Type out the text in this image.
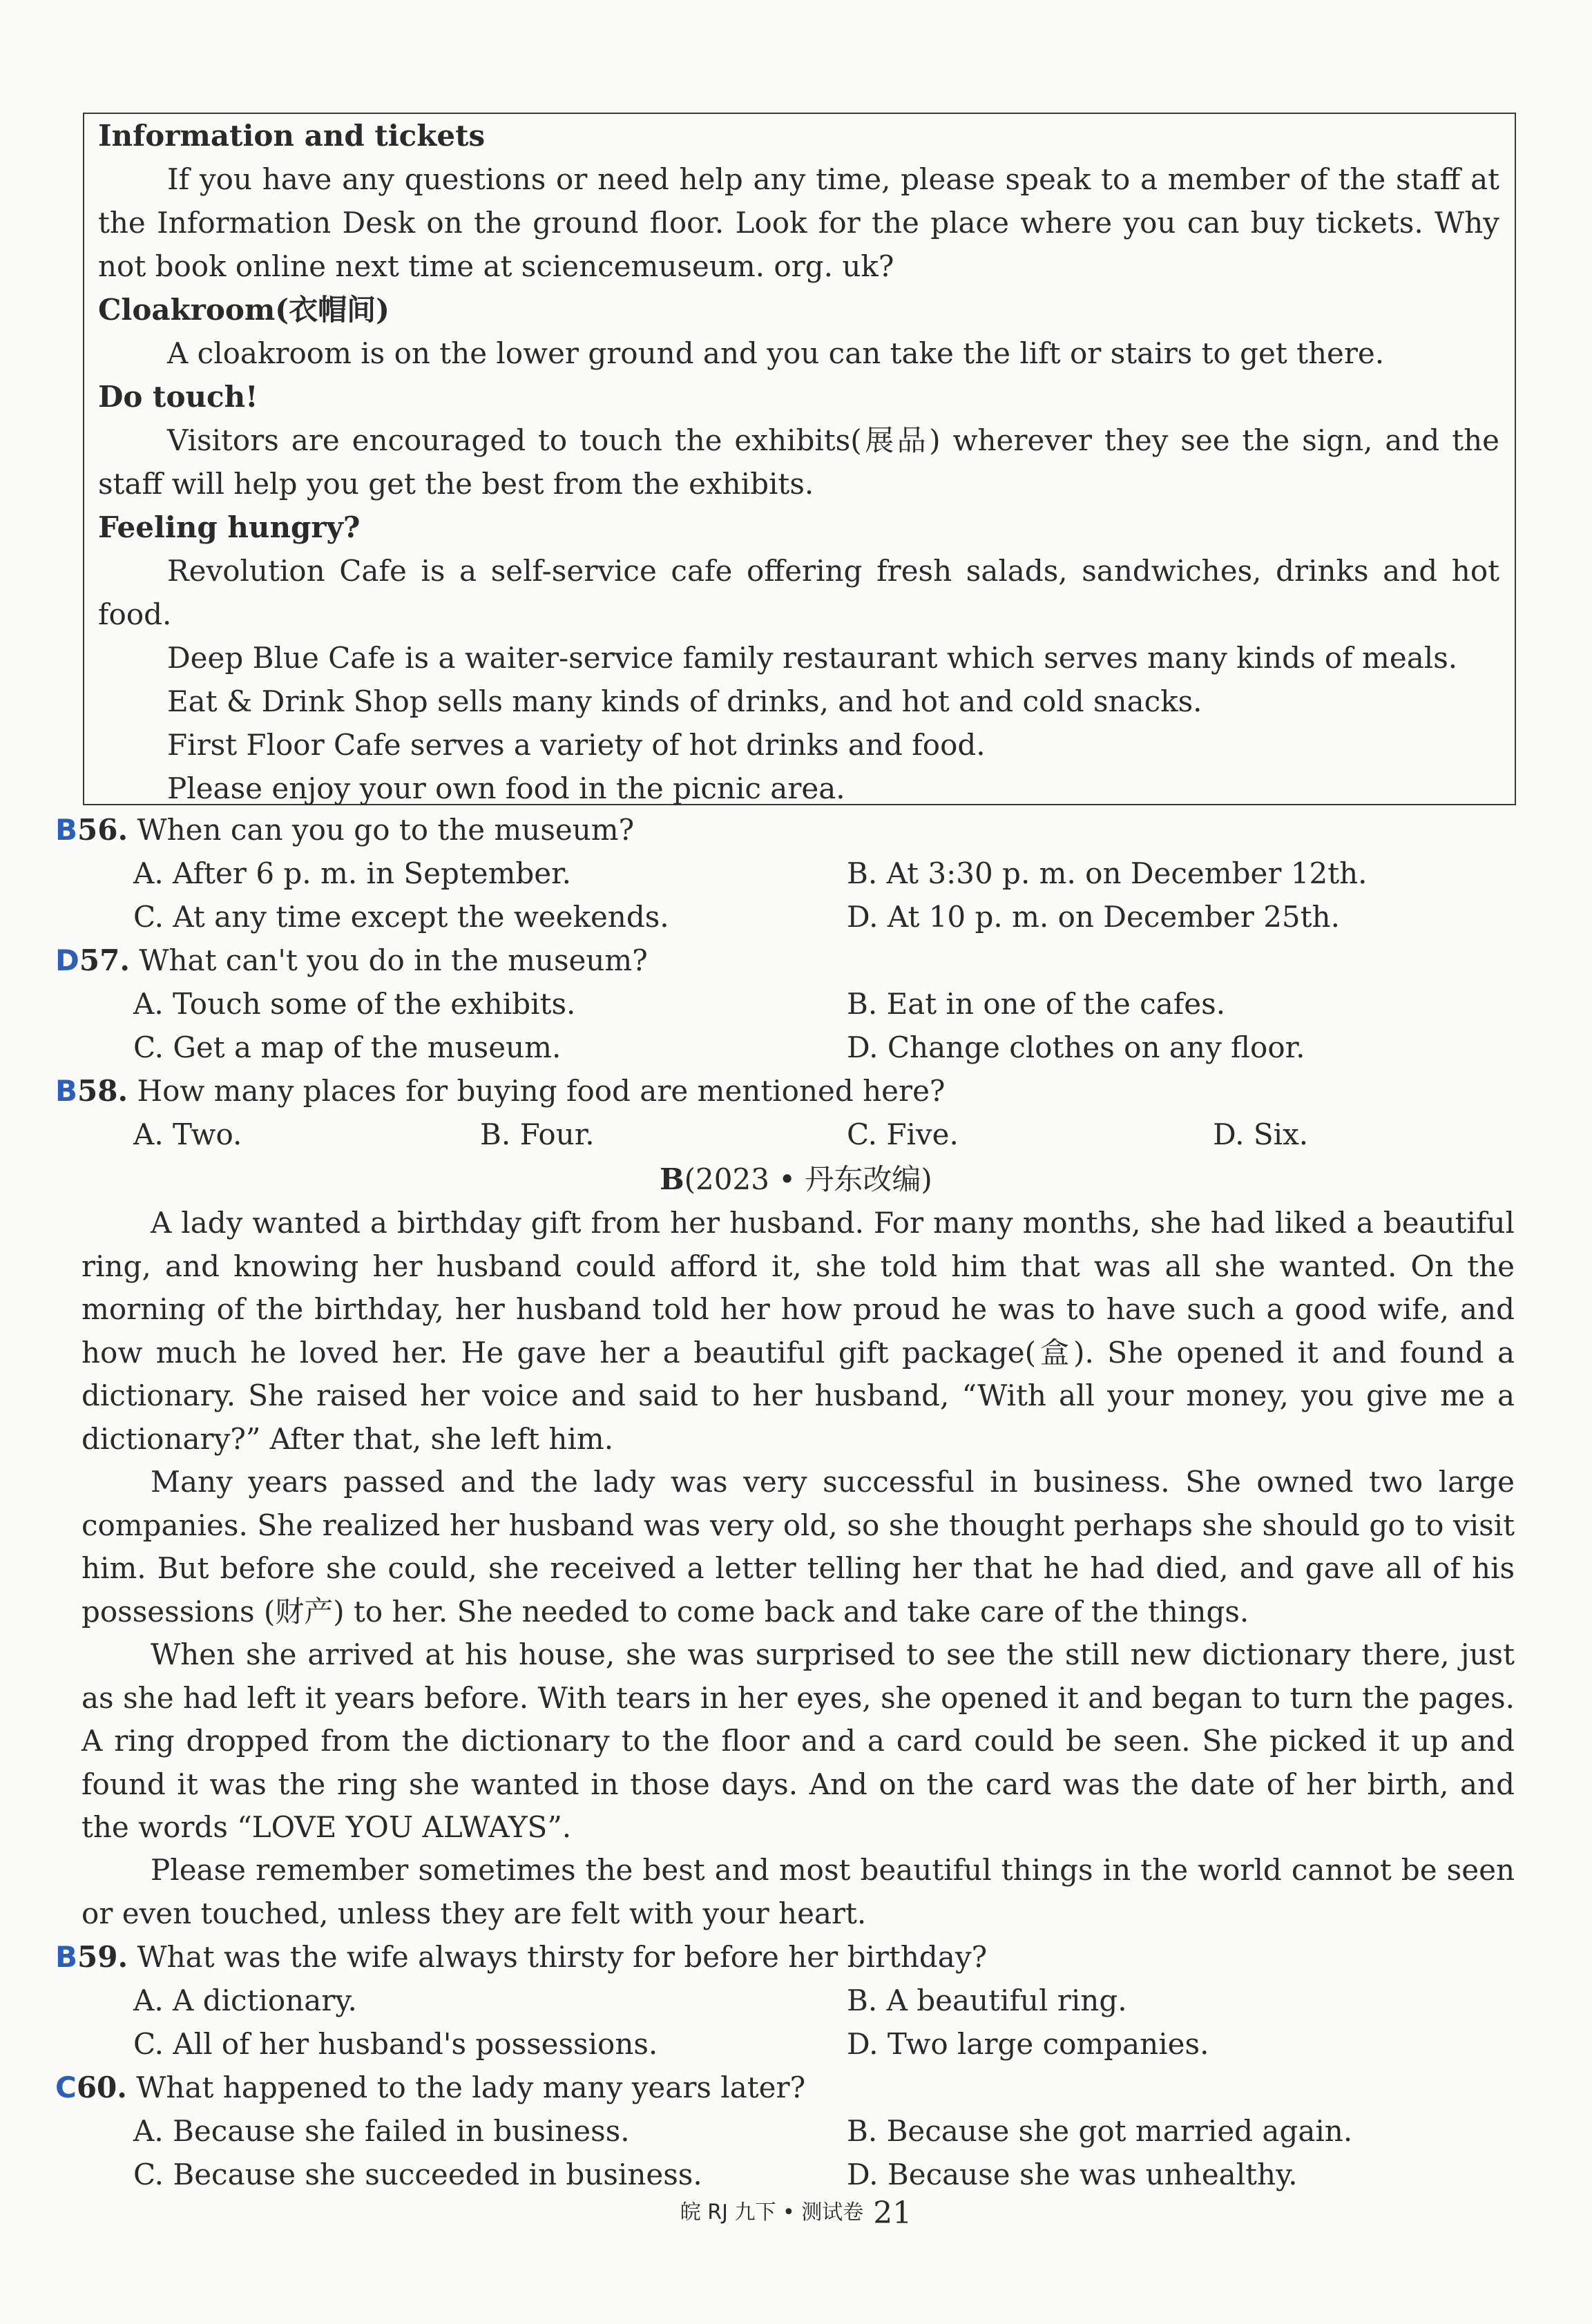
Information and tickets

If you have any questions or need help any time, please speak to a member of the staff at the Information Desk on the ground floor. Look for the place where you can buy tickets. Why not book online next time at sciencemuseum. org. uk?

Cloakroom(衣帽间)

A cloakroom is on the lower ground and you can take the lift or stairs to get there.

Do touch!

Visitors are encouraged to touch the exhibits(展品) wherever they see the sign, and the staff will help you get the best from the exhibits.

Feeling hungry?

Revolution Cafe is a self-service cafe offering fresh salads, sandwiches, drinks and hot food.

Deep Blue Cafe is a waiter-service family restaurant which serves many kinds of meals.

Eat & Drink Shop sells many kinds of drinks, and hot and cold snacks.

First Floor Cafe serves a variety of hot drinks and food.

Please enjoy your own food in the picnic area.

B56. When can you go to the museum?
A. After 6 p. m. in September.	B. At 3:30 p. m. on December 12th.
C. At any time except the weekends.	D. At 10 p. m. on December 25th.
D57. What can't you do in the museum?
A. Touch some of the exhibits.	B. Eat in one of the cafes.
C. Get a map of the museum.	D. Change clothes on any floor.
B58. How many places for buying food are mentioned here?
A. Two.	B. Four.	C. Five.	D. Six.
B(2023 • 丹东改编)

A lady wanted a birthday gift from her husband. For many months, she had liked a beautiful ring, and knowing her husband could afford it, she told him that was all she wanted. On the morning of the birthday, her husband told her how proud he was to have such a good wife, and how much he loved her. He gave her a beautiful gift package(盒). She opened it and found a dictionary. She raised her voice and said to her husband, “With all your money, you give me a dictionary?” After that, she left him.

Many years passed and the lady was very successful in business. She owned two large companies. She realized her husband was very old, so she thought perhaps she should go to visit him. But before she could, she received a letter telling her that he had died, and gave all of his possessions (财产) to her. She needed to come back and take care of the things.

When she arrived at his house, she was surprised to see the still new dictionary there, just as she had left it years before. With tears in her eyes, she opened it and began to turn the pages. A ring dropped from the dictionary to the floor and a card could be seen. She picked it up and found it was the ring she wanted in those days. And on the card was the date of her birth, and the words “LOVE YOU ALWAYS”.

Please remember sometimes the best and most beautiful things in the world cannot be seen or even touched, unless they are felt with your heart.

B59. What was the wife always thirsty for before her birthday?
A. A dictionary.	B. A beautiful ring.
C. All of her husband's possessions.	D. Two large companies.
C60. What happened to the lady many years later?
A. Because she failed in business.	B. Because she got married again.
C. Because she succeeded in business.	D. Because she was unhealthy.
皖 RJ 九下 • 测试卷 21
